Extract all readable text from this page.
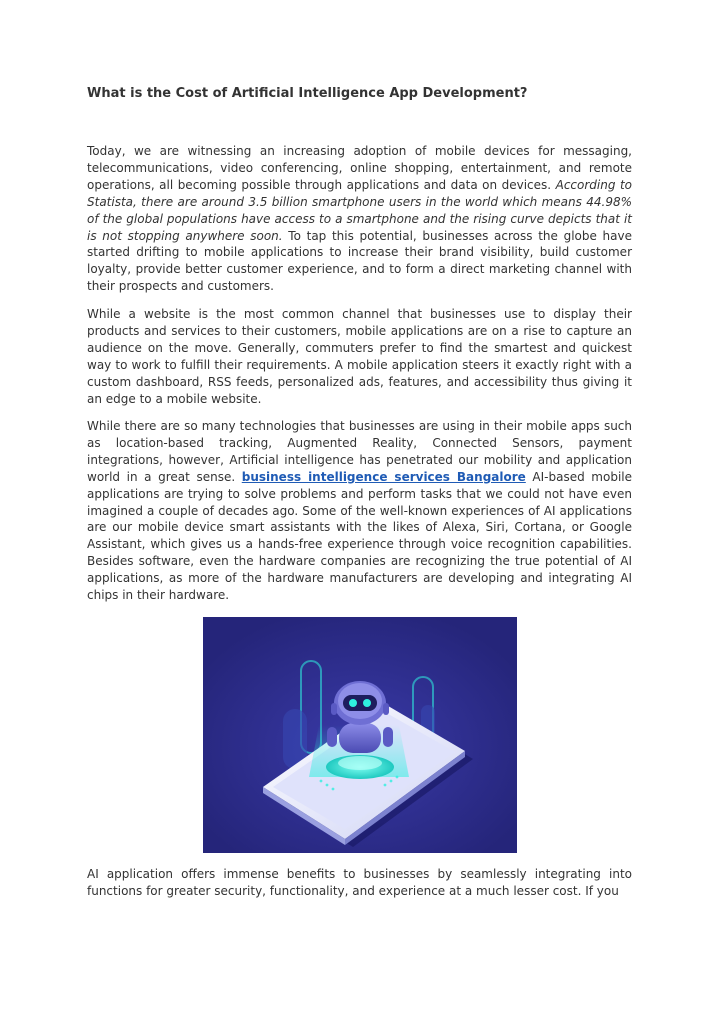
What is the Cost of Artificial Intelligence App Development?

Today, we are witnessing an increasing adoption of mobile devices for messaging, telecommunications, video conferencing, online shopping, entertainment, and remote operations, all becoming possible through applications and data on devices. According to Statista, there are around 3.5 billion smartphone users in the world which means 44.98% of the global populations have access to a smartphone and the rising curve depicts that it is not stopping anywhere soon. To tap this potential, businesses across the globe have started drifting to mobile applications to increase their brand visibility, build customer loyalty, provide better customer experience, and to form a direct marketing channel with their prospects and customers.

While a website is the most common channel that businesses use to display their products and services to their customers, mobile applications are on a rise to capture an audience on the move. Generally, commuters prefer to find the smartest and quickest way to work to fulfill their requirements. A mobile application steers it exactly right with a custom dashboard, RSS feeds, personalized ads, features, and accessibility thus giving it an edge to a mobile website.

While there are so many technologies that businesses are using in their mobile apps such as location-based tracking, Augmented Reality, Connected Sensors, payment integrations, however, Artificial intelligence has penetrated our mobility and application world in a great sense. business intelligence services Bangalore AI-based mobile applications are trying to solve problems and perform tasks that we could not have even imagined a couple of decades ago. Some of the well-known experiences of AI applications are our mobile device smart assistants with the likes of Alexa, Siri, Cortana, or Google Assistant, which gives us a hands-free experience through voice recognition capabilities. Besides software, even the hardware companies are recognizing the true potential of AI applications, as more of the hardware manufacturers are developing and integrating AI chips in their hardware.

AI application offers immense benefits to businesses by seamlessly integrating into functions for greater security, functionality, and experience at a much lesser cost. If you
